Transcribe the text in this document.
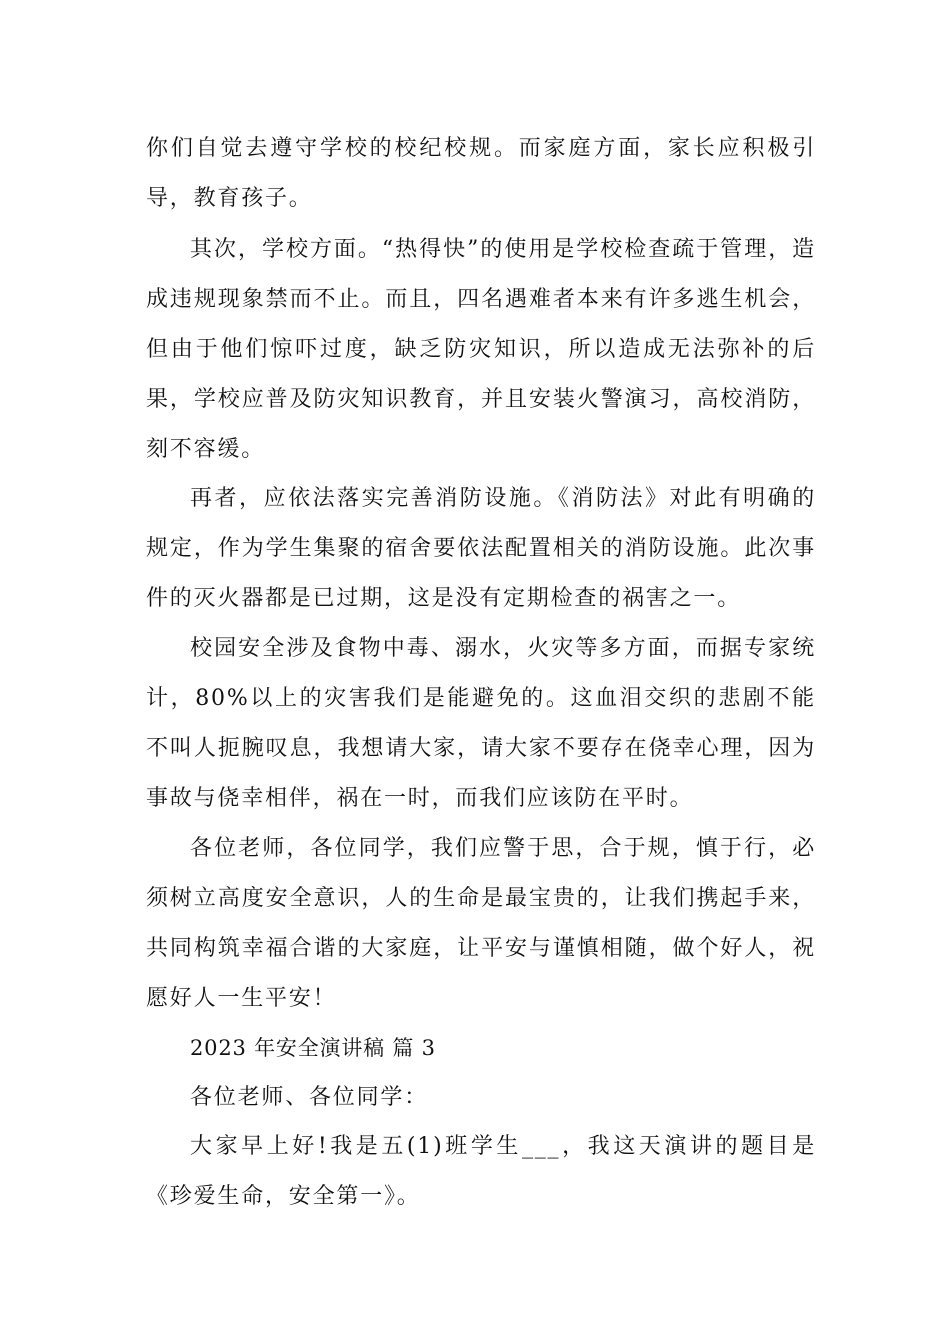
你们自觉去遵守学校的校纪校规。而家庭方面，家长应积极引导，教育孩子。

其次，学校方面。“热得快”的使用是学校检查疏于管理，造成违规现象禁而不止。而且，四名遇难者本来有许多逃生机会，但由于他们惊吓过度，缺乏防灾知识，所以造成无法弥补的后果，学校应普及防灾知识教育，并且安装火警演习，高校消防，刻不容缓。

再者，应依法落实完善消防设施。《消防法》对此有明确的规定，作为学生集聚的宿舍要依法配置相关的消防设施。此次事件的灭火器都是已过期，这是没有定期检查的祸害之一。

校园安全涉及食物中毒、溺水，火灾等多方面，而据专家统计，80%以上的灾害我们是能避免的。这血泪交织的悲剧不能不叫人扼腕叹息，我想请大家，请大家不要存在侥幸心理，因为事故与侥幸相伴，祸在一时，而我们应该防在平时。

各位老师，各位同学，我们应警于思，合于规，慎于行，必须树立高度安全意识，人的生命是最宝贵的，让我们携起手来，共同构筑幸福合谐的大家庭，让平安与谨慎相随，做个好人，祝愿好人一生平安！

2023 年安全演讲稿 篇 3

各位老师、各位同学：

大家早上好!我是五(1)班学生___，我这天演讲的题目是《珍爱生命，安全第一》。
